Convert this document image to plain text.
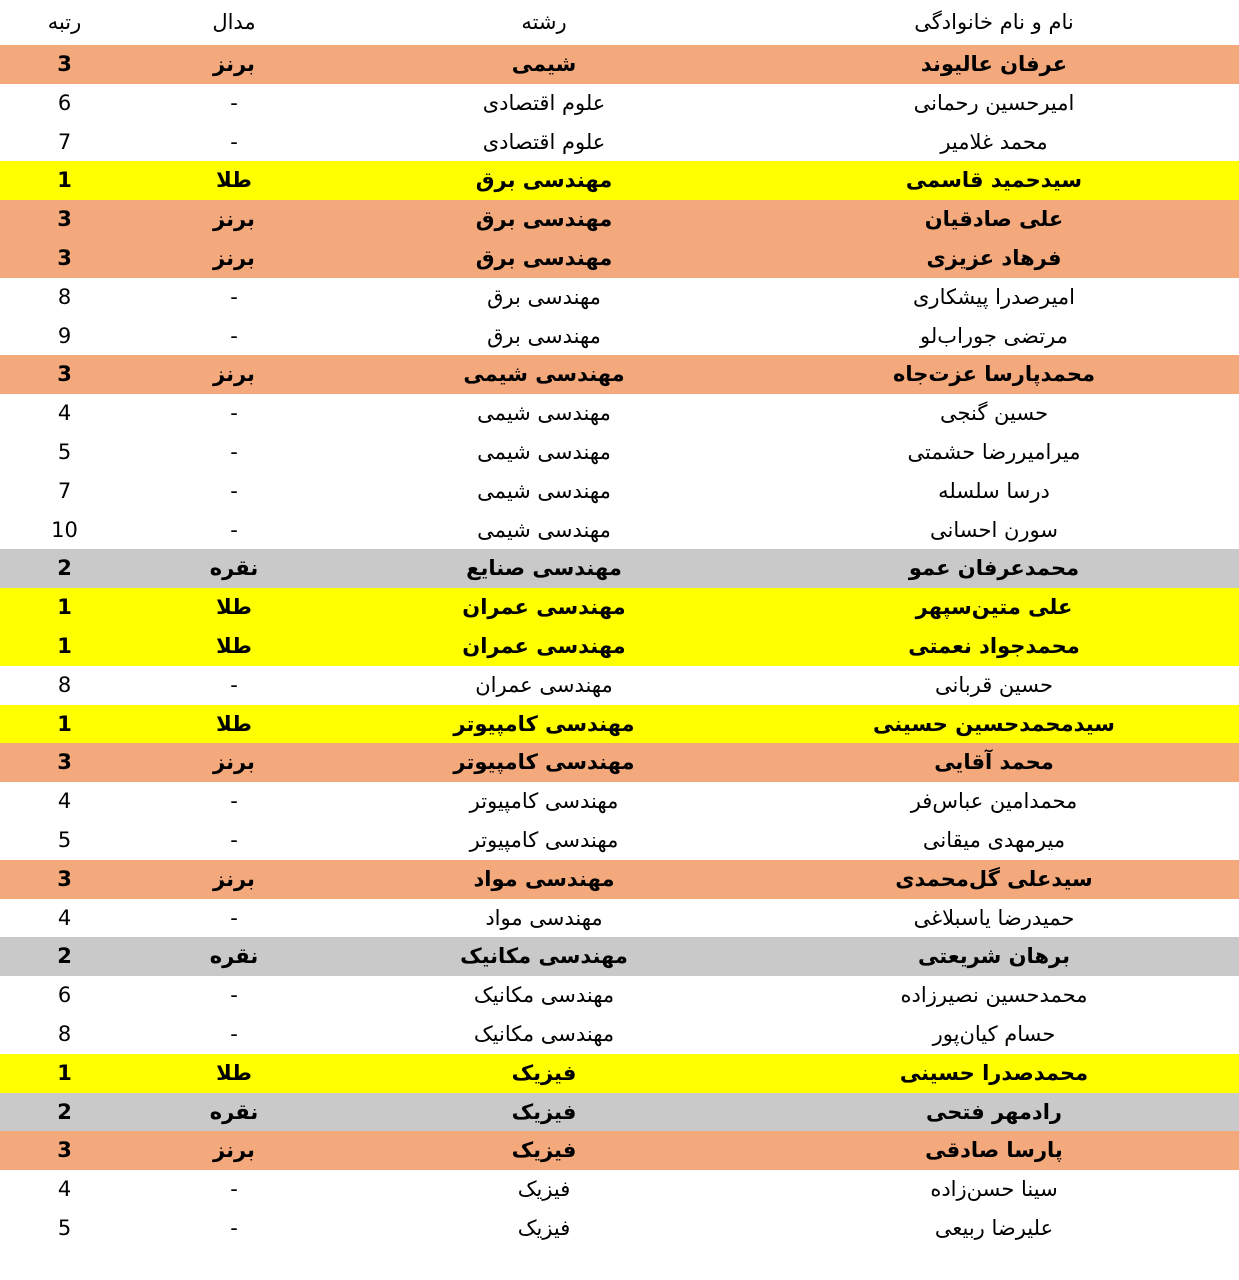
نام و نام خانوادگی	رشته	مدال	رتبه
عرفان عالیوند	شیمی	برنز	3
امیرحسین رحمانی	علوم اقتصادی	-	6
محمد غلامیر	علوم اقتصادی	-	7
سیدحمید قاسمی	مهندسی برق	طلا	1
علی صادقیان	مهندسی برق	برنز	3
فرهاد عزیزی	مهندسی برق	برنز	3
امیرصدرا پیشکاری	مهندسی برق	-	8
مرتضی جوراب‌لو	مهندسی برق	-	9
محمدپارسا عزت‌جاه	مهندسی شیمی	برنز	3
حسین گنجی	مهندسی شیمی	-	4
میرامیررضا حشمتی	مهندسی شیمی	-	5
درسا سلسله	مهندسی شیمی	-	7
سورن احسانی	مهندسی شیمی	-	10
محمدعرفان عمو	مهندسی صنایع	نقره	2
علی متین‌سپهر	مهندسی عمران	طلا	1
محمدجواد نعمتی	مهندسی عمران	طلا	1
حسین قربانی	مهندسی عمران	-	8
سیدمحمدحسین حسینی	مهندسی کامپیوتر	طلا	1
محمد آقایی	مهندسی کامپیوتر	برنز	3
محمدامین عباس‌فر	مهندسی کامپیوتر	-	4
میرمهدی میقانی	مهندسی کامپیوتر	-	5
سیدعلی گل‌محمدی	مهندسی مواد	برنز	3
حمیدرضا یاسبلاغی	مهندسی مواد	-	4
برهان شریعتی	مهندسی مکانیک	نقره	2
محمدحسین نصیرزاده	مهندسی مکانیک	-	6
حسام کیان‌پور	مهندسی مکانیک	-	8
محمدصدرا حسینی	فیزیک	طلا	1
رادمهر فتحی	فیزیک	نقره	2
پارسا صادقی	فیزیک	برنز	3
سینا حسن‌زاده	فیزیک	-	4
علیرضا ربیعی	فیزیک	-	5
